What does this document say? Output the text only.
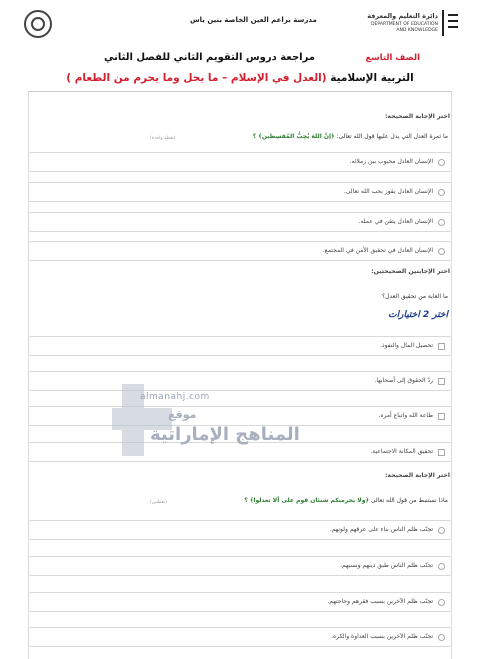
مدرسة براعم العين الخاصة بنين ياس	دائرة التعليم والمعرفة
DEPARTMENT OF EDUCATION
AND KNOWLEDGE
مراجعة دروس التقويم الثاني للفصل الثاني	الصف التاسع
التربية الإسلامية (العدل في الإسلام – ما يحل وما يحرم من الطعام )
اختر الإجابة الصحيحة:
ما ثمرة العدل التي يدل عليها قول الله تعالى: ﴿إنَّ اللهَ يُحِبُّ المُقسِطين﴾ ؟
(نقطة واحدة)
الإنسان العادل محبوب بين زملائه.
الإنسان العادل يفوز بحب الله تعالى.
الإنسان العادل يتقن في عمله.
الإنسان العادل في تحقيق الأمن في المجتمع.
اختر الإجابتين الصحيحتين:
ما الغاية من تحقيق العدل؟
اختر 2 اختيارات
تحصيل المال والنفوذ.
ردّ الحقوق إلى أصحابها.
طاعة الله واتباع أمره.
تحقيق المكانة الاجتماعية.
almanahj.com
موقع
المناهج الإماراتية
اختر الإجابة الصحيحة:
ماذا نستنبط من قول الله تعالى ﴿ولا يجرمنكم شنئان قوم على ألا تعدلوا﴾ ؟
(نقطتين)
تجنّب ظلم الناس بناء على عرقهم ولونهم.
تجنّب ظلم الناس طبق دينهم ونسبهم.
تجنّب ظلم الآخرين بسبب فقرهم وحاجتهم.
تجنّب ظلم الآخرين بسبب العداوة والكره.
